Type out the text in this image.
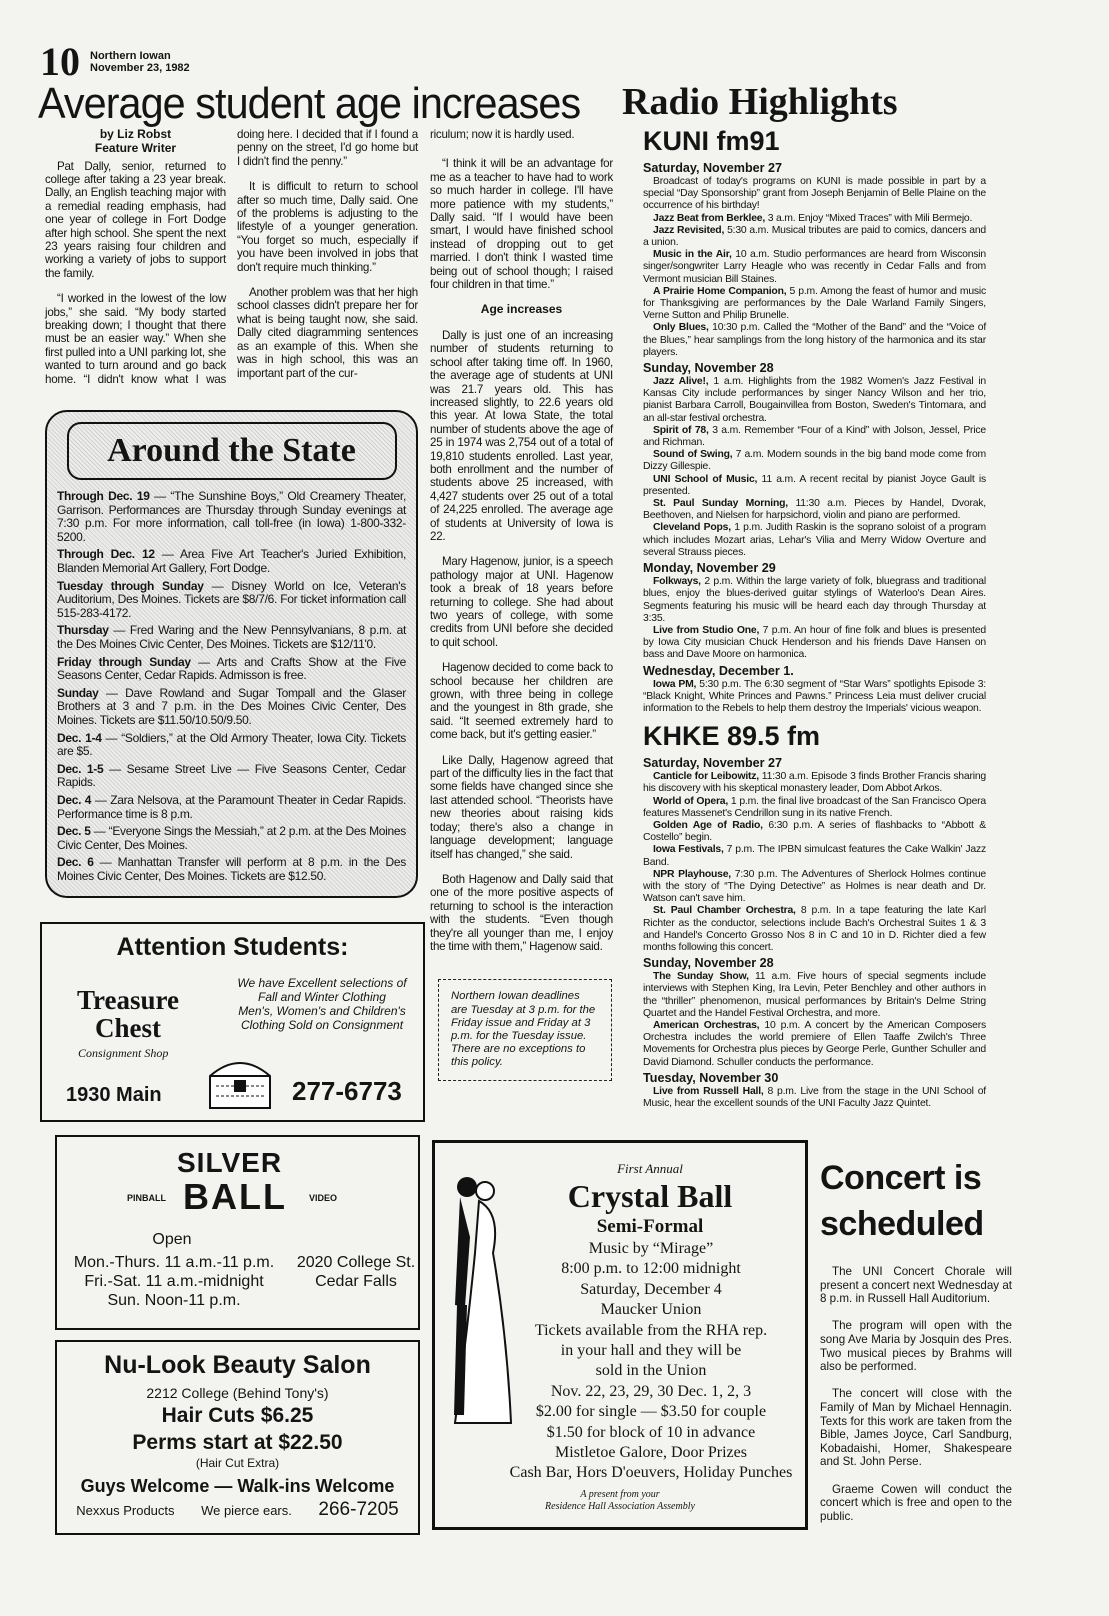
10 Northern Iowan
November 23, 1982
Average student age increases Radio Highlights
by Liz Robst
Feature Writer

Pat Dally, senior, returned to college after taking a 23 year break. Dally, an English teaching major with a remedial reading emphasis, had one year of college in Fort Dodge after high school. She spent the next 23 years raising four children and working a variety of jobs to support the family.

“I worked in the lowest of the low jobs,” she said. “My body started breaking down; I thought that there must be an easier way.” When she first pulled into a UNI parking lot, she wanted to turn around and go back home. “I didn't know what I was doing here. I decided that if I found a penny on the street, I'd go home but I didn't find the penny.”

It is difficult to return to school after so much time, Dally said. One of the problems is adjusting to the lifestyle of a younger generation. “You forget so much, especially if you have been involved in jobs that don't require much thinking.”

Another problem was that her high school classes didn't prepare her for what is being taught now, she said. Dally cited diagramming sentences as an example of this. When she was in high school, this was an important part of the cur-

Around the State
Through Dec. 19 — “The Sunshine Boys,” Old Creamery Theater, Garrison. Performances are Thursday through Sunday evenings at 7:30 p.m. For more information, call toll-free (in Iowa) 1-800-332-5200.
Through Dec. 12 — Area Five Art Teacher's Juried Exhibition, Blanden Memorial Art Gallery, Fort Dodge.
Tuesday through Sunday — Disney World on Ice, Veteran's Auditorium, Des Moines. Tickets are $8/7/6. For ticket information call 515-283-4172.
Thursday — Fred Waring and the New Pennsylvanians, 8 p.m. at the Des Moines Civic Center, Des Moines. Tickets are $12/11'0.
Friday through Sunday — Arts and Crafts Show at the Five Seasons Center, Cedar Rapids. Admisson is free.
Sunday — Dave Rowland and Sugar Tompall and the Glaser Brothers at 3 and 7 p.m. in the Des Moines Civic Center, Des Moines. Tickets are $11.50/10.50/9.50.
Dec. 1-4 — “Soldiers,” at the Old Armory Theater, Iowa City. Tickets are $5.
Dec. 1-5 — Sesame Street Live — Five Seasons Center, Cedar Rapids.
Dec. 4 — Zara Nelsova, at the Paramount Theater in Cedar Rapids. Performance time is 8 p.m.
Dec. 5 — “Everyone Sings the Messiah,” at 2 p.m. at the Des Moines Civic Center, Des Moines.
Dec. 6 — Manhattan Transfer will perform at 8 p.m. in the Des Moines Civic Center, Des Moines. Tickets are $12.50.
Attention Students:
Treasure
Chest
Consignment Shop
We have Excellent selections of
Fall and Winter Clothing
Men's, Women's and Children's
Clothing Sold on Consignment
1930 Main	277-6773

riculum; now it is hardly used.

“I think it will be an advantage for me as a teacher to have had to work so much harder in college. I'll have more patience with my students,” Dally said. “If I would have been smart, I would have finished school instead of dropping out to get married. I don't think I wasted time being out of school though; I raised four children in that time.”

Age increases

Dally is just one of an increasing number of students returning to school after taking time off. In 1960, the average age of students at UNI was 21.7 years old. This has increased slightly, to 22.6 years old this year. At Iowa State, the total number of students above the age of 25 in 1974 was 2,754 out of a total of 19,810 students enrolled. Last year, both enrollment and the number of students above 25 increased, with 4,427 students over 25 out of a total of 24,225 enrolled. The average age of students at University of Iowa is 22.

Mary Hagenow, junior, is a speech pathology major at UNI. Hagenow took a break of 18 years before returning to college. She had about two years of college, with some credits from UNI before she decided to quit school.

Hagenow decided to come back to school because her children are grown, with three being in college and the youngest in 8th grade, she said. “It seemed extremely hard to come back, but it's getting easier.”

Like Dally, Hagenow agreed that part of the difficulty lies in the fact that some fields have changed since she last attended school. “Theorists have new theories about raising kids today; there's also a change in language development; language itself has changed,” she said.

Both Hagenow and Dally said that one of the more positive aspects of returning to school is the interaction with the students. “Even though they're all younger than me, I enjoy the time with them,” Hagenow said.

Northern Iowan deadlines are Tuesday at 3 p.m. for the Friday issue and Friday at 3 p.m. for the Tuesday issue. There are no exceptions to this policy.
KUNI fm91
Saturday, November 27
Broadcast of today's programs on KUNI is made possible in part by a special “Day Sponsorship” grant from Joseph Benjamin of Belle Plaine on the occurrence of his birthday!
Jazz Beat from Berklee, 3 a.m. Enjoy “Mixed Traces” with Mili Bermejo.
Jazz Revisited, 5:30 a.m. Musical tributes are paid to comics, dancers and a union.
Music in the Air, 10 a.m. Studio performances are heard from Wisconsin singer/songwriter Larry Heagle who was recently in Cedar Falls and from Vermont musician Bill Staines.
A Prairie Home Companion, 5 p.m. Among the feast of humor and music for Thanksgiving are performances by the Dale Warland Family Singers, Verne Sutton and Philip Brunelle.
Only Blues, 10:30 p.m. Called the “Mother of the Band” and the “Voice of the Blues,” hear samplings from the long history of the harmonica and its star players.
Sunday, November 28
Jazz Alive!, 1 a.m. Highlights from the 1982 Women's Jazz Festival in Kansas City include performances by singer Nancy Wilson and her trio, pianist Barbara Carroll, Bougainvillea from Boston, Sweden's Tintomara, and an all-star festival orchestra.
Spirit of 78, 3 a.m. Remember “Four of a Kind” with Jolson, Jessel, Price and Richman.
Sound of Swing, 7 a.m. Modern sounds in the big band mode come from Dizzy Gillespie.
UNI School of Music, 11 a.m. A recent recital by pianist Joyce Gault is presented.
St. Paul Sunday Morning, 11:30 a.m. Pieces by Handel, Dvorak, Beethoven, and Nielsen for harpsichord, violin and piano are performed.
Cleveland Pops, 1 p.m. Judith Raskin is the soprano soloist of a program which includes Mozart arias, Lehar's Vilia and Merry Widow Overture and several Strauss pieces.
Monday, November 29
Folkways, 2 p.m. Within the large variety of folk, bluegrass and traditional blues, enjoy the blues-derived guitar stylings of Waterloo's Dean Aires. Segments featuring his music will be heard each day through Thursday at 3:35.
Live from Studio One, 7 p.m. An hour of fine folk and blues is presented by Iowa City musician Chuck Henderson and his friends Dave Hansen on bass and Dave Moore on harmonica.
Wednesday, December 1.
Iowa PM, 5:30 p.m. The 6:30 segment of “Star Wars” spotlights Episode 3: “Black Knight, White Princes and Pawns.” Princess Leia must deliver crucial information to the Rebels to help them destroy the Imperials' vicious weapon.
KHKE 89.5 fm
Saturday, November 27
Canticle for Leibowitz, 11:30 a.m. Episode 3 finds Brother Francis sharing his discovery with his skeptical monastery leader, Dom Abbot Arkos.
World of Opera, 1 p.m. the final live broadcast of the San Francisco Opera features Massenet's Cendrillon sung in its native French.
Golden Age of Radio, 6:30 p.m. A series of flashbacks to “Abbott & Costello” begin.
Iowa Festivals, 7 p.m. The IPBN simulcast features the Cake Walkin' Jazz Band.
NPR Playhouse, 7:30 p.m. The Adventures of Sherlock Holmes continue with the story of “The Dying Detective” as Holmes is near death and Dr. Watson can't save him.
St. Paul Chamber Orchestra, 8 p.m. In a tape featuring the late Karl Richter as the conductor, selections include Bach's Orchestral Suites 1 & 3 and Handel's Concerto Grosso Nos 8 in C and 10 in D. Richter died a few months following this concert.
Sunday, November 28
The Sunday Show, 11 a.m. Five hours of special segments include interviews with Stephen King, Ira Levin, Peter Benchley and other authors in the “thriller” phenomenon, musical performances by Britain's Delme String Quartet and the Handel Festival Orchestra, and more.
American Orchestras, 10 p.m. A concert by the American Composers Orchestra includes the world premiere of Ellen Taaffe Zwilch's Three Movements for Orchestra plus pieces by George Perle, Gunther Schuller and David Diamond. Schuller conducts the performance.
Tuesday, November 30
Live from Russell Hall, 8 p.m. Live from the stage in the UNI School of Music, hear the excellent sounds of the UNI Faculty Jazz Quintet.
SILVER
PINBALL BALL VIDEO
Open
Mon.-Thurs. 11 a.m.-11 p.m.
Fri.-Sat. 11 a.m.-midnight
Sun. Noon-11 p.m.
2020 College St.
Cedar Falls
Nu-Look Beauty Salon
2212 College (Behind Tony's)
Hair Cuts $6.25
Perms start at $22.50
(Hair Cut Extra)
Guys Welcome — Walk-ins Welcome
Nexxus Products We pierce ears. 266-7205
First Annual
Crystal Ball
Semi-Formal
Music by “Mirage”
8:00 p.m. to 12:00 midnight
Saturday, December 4
Maucker Union
Tickets available from the RHA rep.
in your hall and they will be
sold in the Union
Nov. 22, 23, 29, 30 Dec. 1, 2, 3
$2.00 for single — $3.50 for couple
$1.50 for block of 10 in advance
Mistletoe Galore, Door Prizes
Cash Bar, Hors D'oeuvers, Holiday Punches
A present from your
Residence Hall Association Assembly
Concert is
scheduled

The UNI Concert Chorale will present a concert next Wednesday at 8 p.m. in Russell Hall Auditorium.

The program will open with the song Ave Maria by Josquin des Pres. Two musical pieces by Brahms will also be performed.

The concert will close with the Family of Man by Michael Hennagin. Texts for this work are taken from the Bible, James Joyce, Carl Sandburg, Kobadaishi, Homer, Shakespeare and St. John Perse.

Graeme Cowen will conduct the concert which is free and open to the public.
